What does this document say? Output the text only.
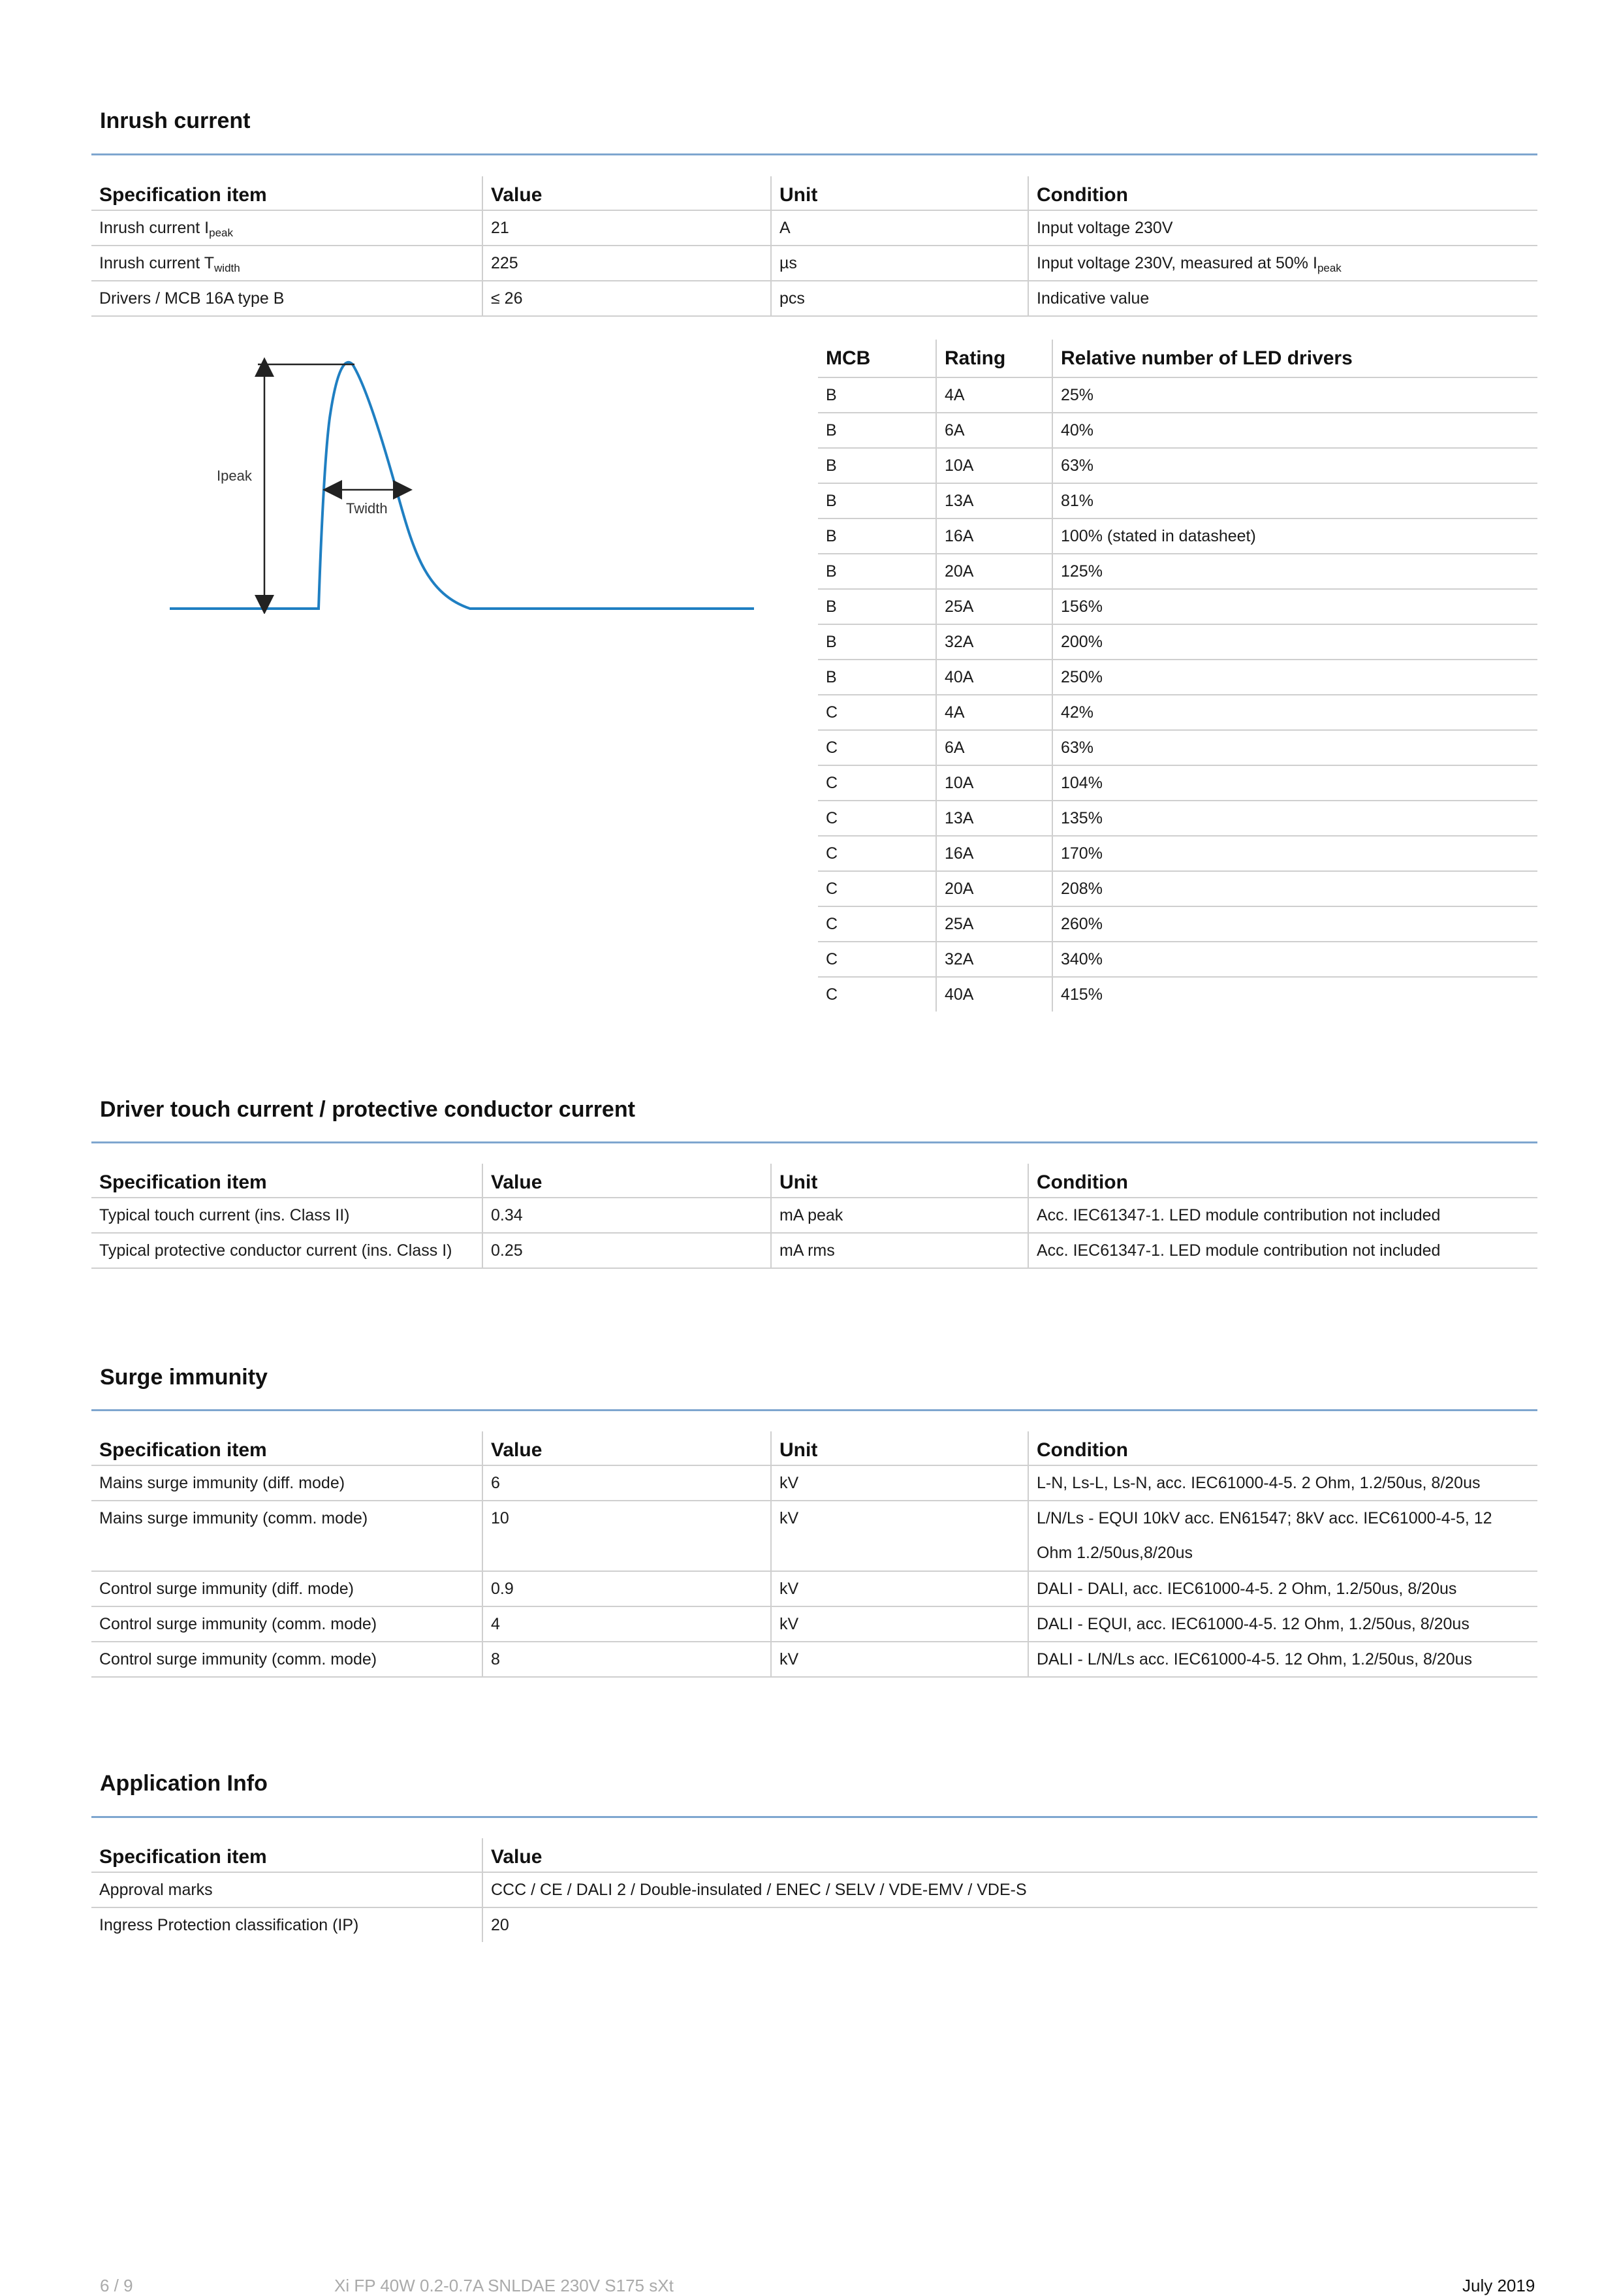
Inrush current
Specification item	Value	Unit	Condition
Inrush current $I_{peak}$	21	A	Input voltage 230V
Inrush current $T_{width}$	225	µs	Input voltage 230V, measured at 50% $I_{peak}$
Drivers / MCB 16A type B	≤ 26	pcs	Indicative value
Ipeak
Twidth
MCB	Rating	Relative number of LED drivers
B	4A	25%
B	6A	40%
B	10A	63%
B	13A	81%
B	16A	100% (stated in datasheet)
B	20A	125%
B	25A	156%
B	32A	200%
B	40A	250%
C	4A	42%
C	6A	63%
C	10A	104%
C	13A	135%
C	16A	170%
C	20A	208%
C	25A	260%
C	32A	340%
C	40A	415%
Driver touch current / protective conductor current
Specification item	Value	Unit	Condition
Typical touch current (ins. Class II)	0.34	mA peak	Acc. IEC61347-1. LED module contribution not included
Typical protective conductor current (ins. Class I)	0.25	mA rms	Acc. IEC61347-1. LED module contribution not included
Surge immunity
Specification item	Value	Unit	Condition
Mains surge immunity (diff. mode)	6	kV	L-N, Ls-L, Ls-N, acc. IEC61000-4-5. 2 Ohm, 1.2/50us, 8/20us
Mains surge immunity (comm. mode)	10	kV	L/N/Ls - EQUI 10kV acc. EN61547; 8kV acc. IEC61000-4-5, 12 Ohm 1.2/50us,8/20us
Control surge immunity (diff. mode)	0.9	kV	DALI - DALI, acc. IEC61000-4-5. 2 Ohm, 1.2/50us, 8/20us
Control surge immunity (comm. mode)	4	kV	DALI - EQUI, acc. IEC61000-4-5. 12 Ohm, 1.2/50us, 8/20us
Control surge immunity (comm. mode)	8	kV	DALI - L/N/Ls acc. IEC61000-4-5. 12 Ohm, 1.2/50us, 8/20us
Application Info
Specification item	Value
Approval marks	CCC / CE / DALI 2 / Double-insulated / ENEC / SELV / VDE-EMV / VDE-S
Ingress Protection classification (IP)	20
6 / 9	Xi FP 40W 0.2-0.7A SNLDAE 230V S175 sXt	July 2019
